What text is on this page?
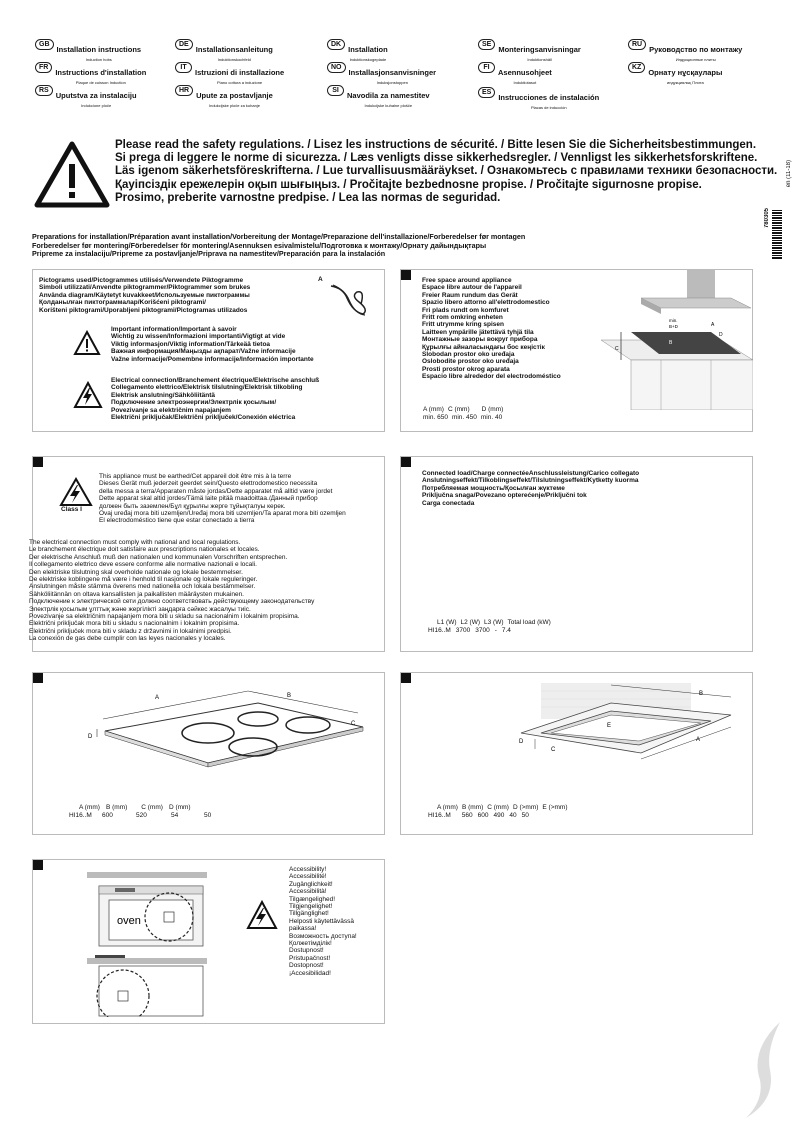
GB
Installation instructions
Induction hobs
DE
Installationsanleitung
Induktionskochfeld
DK
Installation
Induktionskogeplade
SE
Monteringsanvisningar
Induktionshäll
RU
Руководство по монтажу
Индукционные плиты
FR
Instructions d'installation
Plaque de cuisson Induction
IT
Istruzioni di installazione
Piano cottura a induzione
NO
Installasjonsanvisninger
Induksjonstoppen
FI
Asennusohjeet
Induktiotasot
KZ
Орнату нұсқаулары
индукциялық Плита
RS
Uputstva za instalaciju
Indukcione ploče
HR
Upute za postavljanje
Indukcijske ploče za kuhanje
SI
Navodila za namestitev
Indukcijske kuhalne plošče
ES
Instrucciones de instalación
Placas de inducción
Please read the safety regulations. / Lisez les instructions de sécurité. / Bitte lesen Sie die Sicherheitsbestimmungen.
Si prega di leggere le norme di sicurezza. / Læs venligts disse sikkerhedsregler. / Vennligst les sikkerhetsforskriftene.
Läs igenom säkerhetsföreskrifterna. / Lue turvallisuusmääräykset. / Ознакомьтесь с правилами техники безопасности.
Қауіпсіздік ережелерін оқып шығыңыз. / Pročitajte bezbednosne propise. / Pročitajte sigurnosne propise.
Prosimo, preberite varnostne predpise. / Lea las normas de seguridad.
en (11-18)
780305
Preparations for installation/Préparation avant installation/Vorbereitung der Montage/Preparazione dell'installazione/Forberedelser før montagen
Forberedelser før montering/Förberedelser för montering/Asennuksen esivalmistelu/Подготовка к монтажу/Орнату дайындықтары
Pripreme za instalaciju/Pripreme za postavljanje/Priprava na namestitev/Preparación para la instalación
Pictograms used/Pictogrammes utilisés/Verwendete Piktogramme
Simboli utilizzati/Anvendte piktogrammer/Piktogrammer som brukes
Använda diagram/Käytetyt kuvakkeet/Используемые пиктограммы
Қолданылған пиктограммалар/Korišćeni piktogrami/
Korišteni piktogrami/Uporabljeni piktogrami/Pictogramas utilizados
A
Important information/Important à savoir
Wichtig zu wissen/Informazioni importanti/Vigtigt at vide
Viktig informasjon/Viktig information/Tärkeää tietoa
Важная информация/Маңызды ақпарат/Važne informacije
Važne informacije/Pomembne informacije/Información importante
Electrical connection/Branchement électrique/Elektrische anschluß
Collegamento elettrico/Elektrisk tilslutning/Elektrisk tilkobling
Elektrisk anslutning/Sähköliitäntä
Подключение электроэнергии/Электрлік қосылым/
Povezivanje sa električnim napajanjem
Električni priključak/Električni priključek/Conexión eléctrica
Free space around appliance
Espace libre autour de l'appareil
Freier Raum rundum das Gerät
Spazio libero attorno all'elettrodomestico
Fri plads rundt om komfuret
Fritt rom omkring enheten
Fritt utrymme kring spisen
Laitteen ympärille jätettävä tyhjä tila
Монтажные зазоры вокруг прибора
Құрылғы айналасындағы бос кеңістік
Slobodan prostor oko uređaja
Oslobodite prostor oko uređaja
Prosti prostor okrog aparata
Espacio libre alrededor del electrodoméstico
C
min.
B+D	A
B
D
A (mm) C (mm) D (mm)
min. 650 min. 450 min. 40
Class I
This appliance must be earthed/Cet appareil doit être mis à la terre
Dieses Gerät muß jederzeit geerdet sein/Questo elettrodomestico necessita
della messa a terra/Apparaten måste jordas/Dette apparatet må alltid være jordet
Dette apparat skal altid jordes/Tämä laite pitää maadoittaa./Данный прибор
должен быть заземлен/Бұл құрылғы жерге тұйықталуы керек.
Ovaj uređaj mora biti uzemljen/Uređaj mora biti uzemljen/Ta aparat mora biti ozemljen
El electrodoméstico tiene que estar conectado a tierra
The electrical connection must comply with national and local regulations.
Le branchement électrique doit satisfaire aux prescriptions nationales et locales.
Der elektrische Anschluß muß den nationalen und kommunalen Vorschriften entsprechen.
Il collegamento elettrico deve essere conforme alle normative nazionali e locali.
Den elektriske tilslutning skal overholde nationale og lokale bestemmelser.
De elektriske koblingene må være i henhold til nasjonale og lokale reguleringer.
Anslutningen måste stämma överens med nationella och lokala bestämmelser.
Sähköliitännän on oltava kansallisten ja paikallisten määräysten mukainen.
Подключение к электрической сети должно соответствовать действующему законодательству
Электрлік қосылым ұлттық және жергілікті заңдарға сәйкес жасалуы тиіс.
Povezivanje sa električnim napajanjem mora biti u skladu sa nacionalnim i lokalnim propisima.
Električni priključak mora biti u skladu s nacionalnim i lokalnim propisima.
Električni priključek mora biti v skladu z državnimi in lokalnimi predpisi.
La conexión de gas debe cumplir con las leyes nacionales y locales.
Connected load/Charge connectéeAnschlussleistung/Carico collegato
Anslutningseffekt/Tilkoblingseffekt/Tilslutningseffekt/Kytketty kuorma
Потребляемая мощность/Қосылған жүктеме
Priključna snaga/Povezano opterećenje/Priključni tok
Carga conectada
L1 (W) L2 (W) L3 (W) Total load (kW)
HI16..M 3700 3700 - 7.4
A	B
C
D
A (mm) B (mm) C (mm) D (mm)
HI16..M 600	520	54	50
B
A
C
D
E
A (mm) B (mm) C (mm) D (>mm) E (>mm)
HI16..M 560 600 490 40 50
oven
Accessibility!
Accessibilité!
Zugänglichkeit!
Accessibilità!
Tilgængelighed!
Tilgjengelighet!
Tillgänglighet!
Helposti käytettävässä
paikassa!
Возможность доступа!
Қолжетімділік!
Dostupnost!
Pristupačnost!
Dostopnost!
¡Accesibilidad!
